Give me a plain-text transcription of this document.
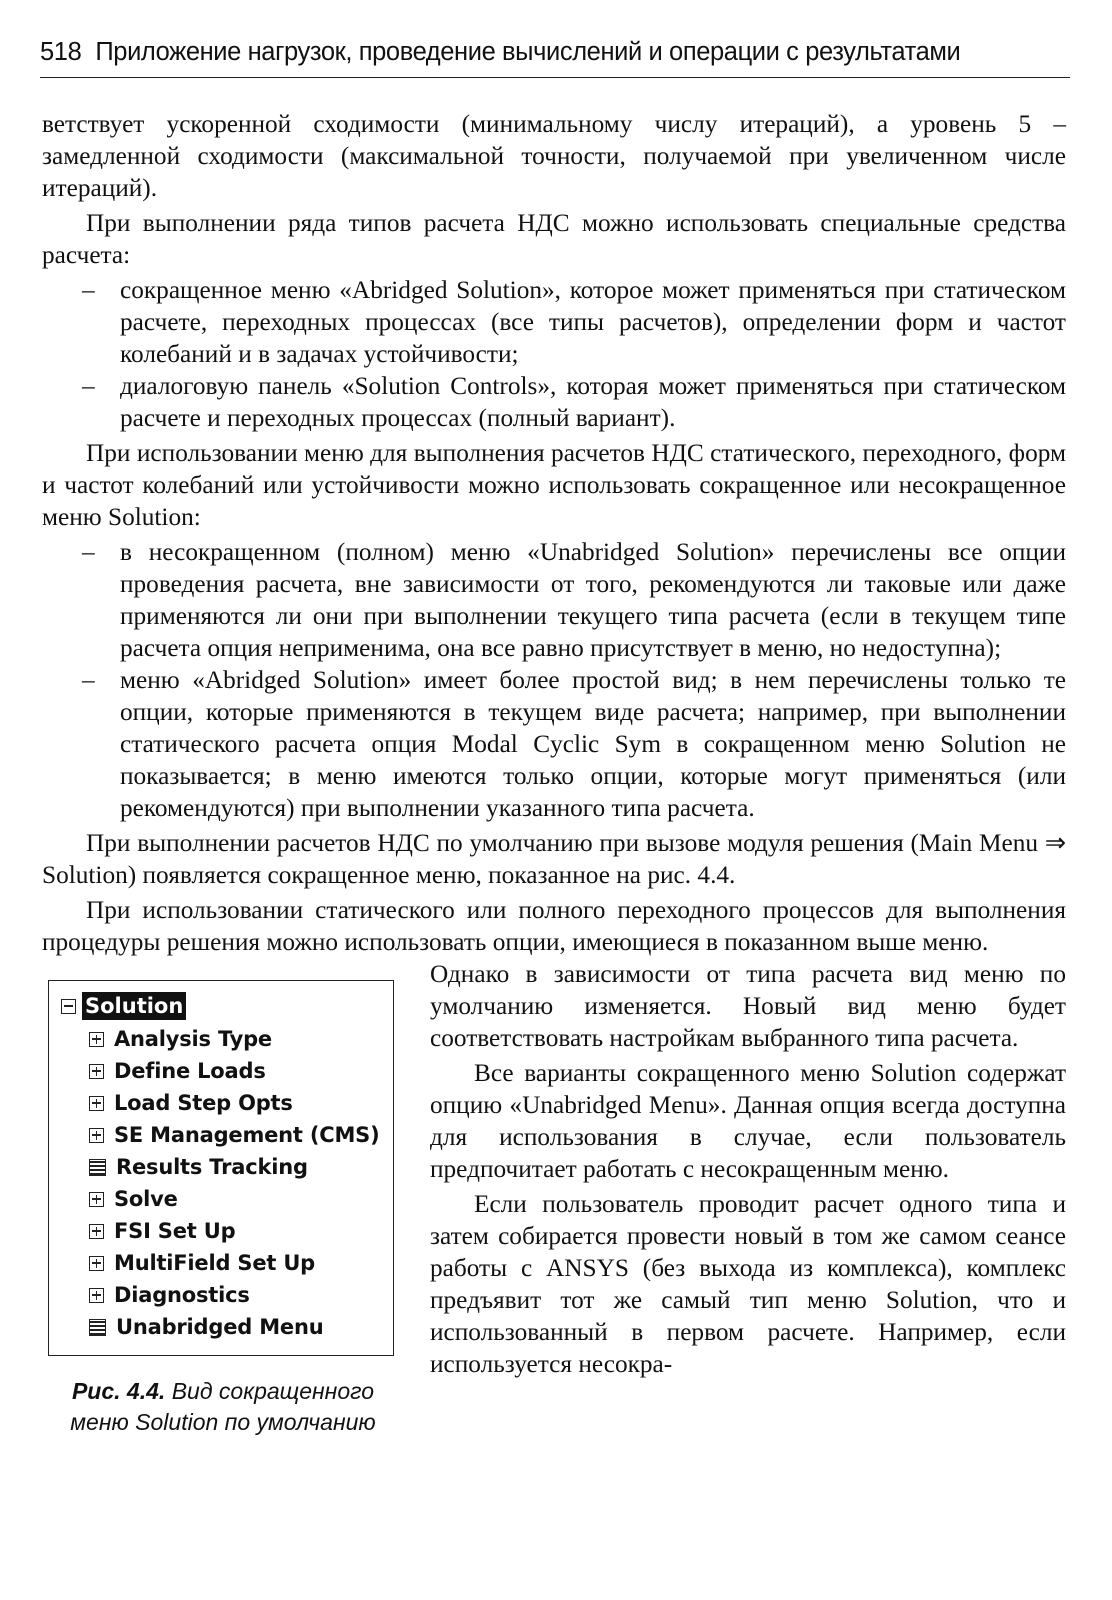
518 Приложение нагрузок, проведение вычислений и операции с результатами

ветствует ускоренной сходимости (минимальному числу итераций), а уровень 5 – замедленной сходимости (максимальной точности, получаемой при увеличенном числе итераций).

При выполнении ряда типов расчета НДС можно использовать специальные средства расчета:

– сокращенное меню «Abridged Solution», которое может применяться при статическом расчете, переходных процессах (все типы расчетов), определении форм и частот колебаний и в задачах устойчивости;
– диалоговую панель «Solution Controls», которая может применяться при статическом расчете и переходных процессах (полный вариант).

При использовании меню для выполнения расчетов НДС статического, переходного, форм и частот колебаний или устойчивости можно использовать сокращенное или несокращенное меню Solution:

– в несокращенном (полном) меню «Unabridged Solution» перечислены все опции проведения расчета, вне зависимости от того, рекомендуются ли таковые или даже применяются ли они при выполнении текущего типа расчета (если в текущем типе расчета опция неприменима, она все равно присутствует в меню, но недоступна);
– меню «Abridged Solution» имеет более простой вид; в нем перечислены только те опции, которые применяются в текущем виде расчета; например, при выполнении статического расчета опция Modal Cyclic Sym в сокращенном меню Solution не показывается; в меню имеются только опции, которые могут применяться (или рекомендуются) при выполнении указанного типа расчета.

При выполнении расчетов НДС по умолчанию при вызове модуля решения (Main Menu ⇒ Solution) появляется сокращенное меню, показанное на рис. 4.4.

При использовании статического или полного переходного процессов для выполнения процедуры решения можно использовать опции, имеющиеся в показанном выше меню.

Solution
Analysis Type
Define Loads
Load Step Opts
SE Management (CMS)
Results Tracking
Solve
FSI Set Up
MultiField Set Up
Diagnostics
Unabridged Menu
Рис. 4.4. Вид сокращенного меню Solution по умолчанию

Однако в зависимости от типа расчета вид меню по умолчанию изменяется. Новый вид меню будет соответствовать настройкам выбранного типа расчета.

Все варианты сокращенного меню Solution содержат опцию «Unabridged Menu». Данная опция всегда доступна для использования в случае, если пользователь предпочитает работать с несокращенным меню.

Если пользователь проводит расчет одного типа и затем собирается провести новый в том же самом сеансе работы с ANSYS (без выхода из комплекса), комплекс предъявит тот же самый тип меню Solution, что и использованный в первом расчете. Например, если используется несокра-
